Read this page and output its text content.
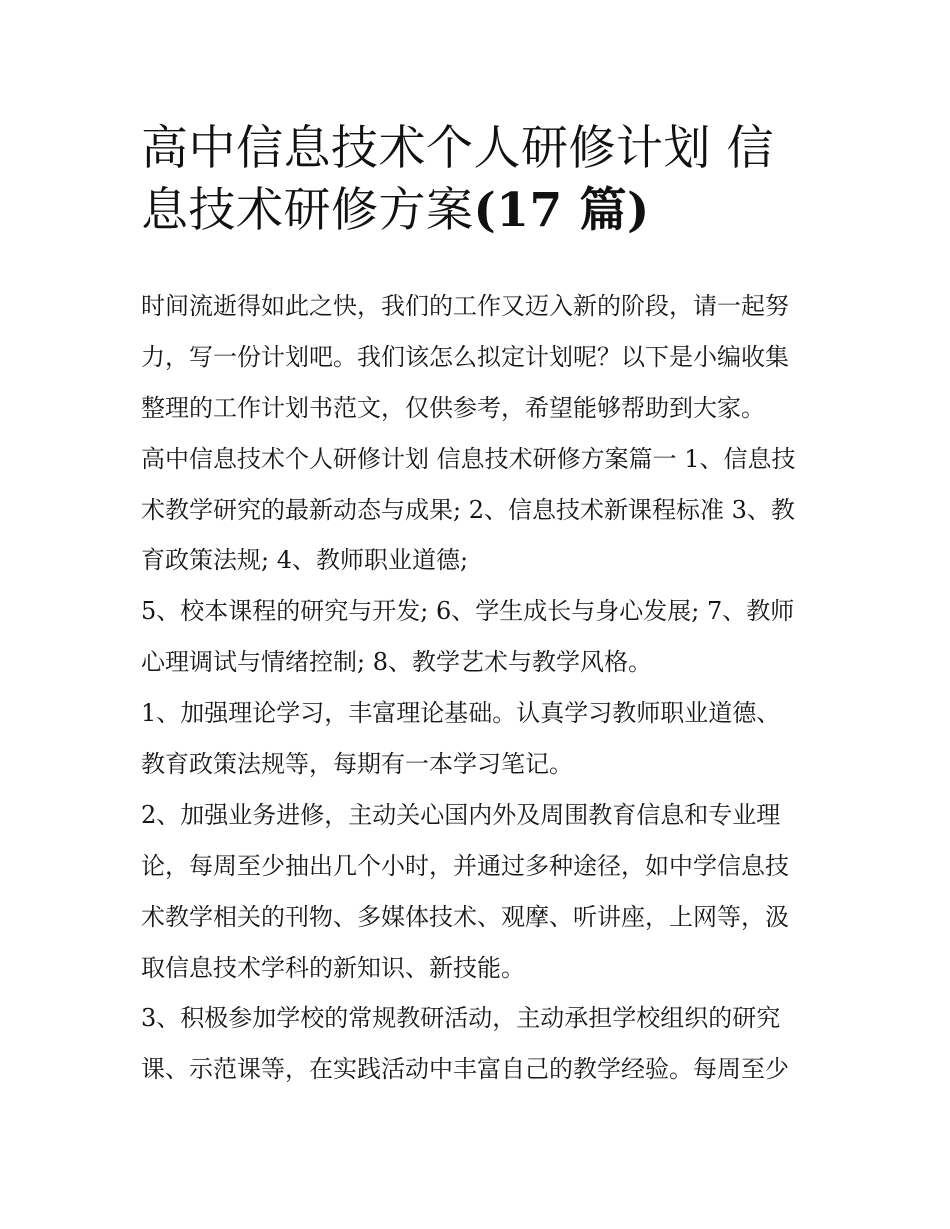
高中信息技术个人研修计划 信
息技术研修方案(17 篇)
时间流逝得如此之快，我们的工作又迈入新的阶段，请一起努
力，写一份计划吧。我们该怎么拟定计划呢？以下是小编收集
整理的工作计划书范文，仅供参考，希望能够帮助到大家。
高中信息技术个人研修计划 信息技术研修方案篇一 1、信息技
术教学研究的最新动态与成果; 2、信息技术新课程标准 3、教
育政策法规; 4、教师职业道德;
5、校本课程的研究与开发; 6、学生成长与身心发展; 7、教师
心理调试与情绪控制; 8、教学艺术与教学风格。
1、加强理论学习，丰富理论基础。认真学习教师职业道德、
教育政策法规等，每期有一本学习笔记。
2、加强业务进修，主动关心国内外及周围教育信息和专业理
论，每周至少抽出几个小时，并通过多种途径，如中学信息技
术教学相关的刊物、多媒体技术、观摩、听讲座，上网等，汲
取信息技术学科的新知识、新技能。
3、积极参加学校的常规教研活动，主动承担学校组织的研究
课、示范课等，在实践活动中丰富自己的教学经验。每周至少
